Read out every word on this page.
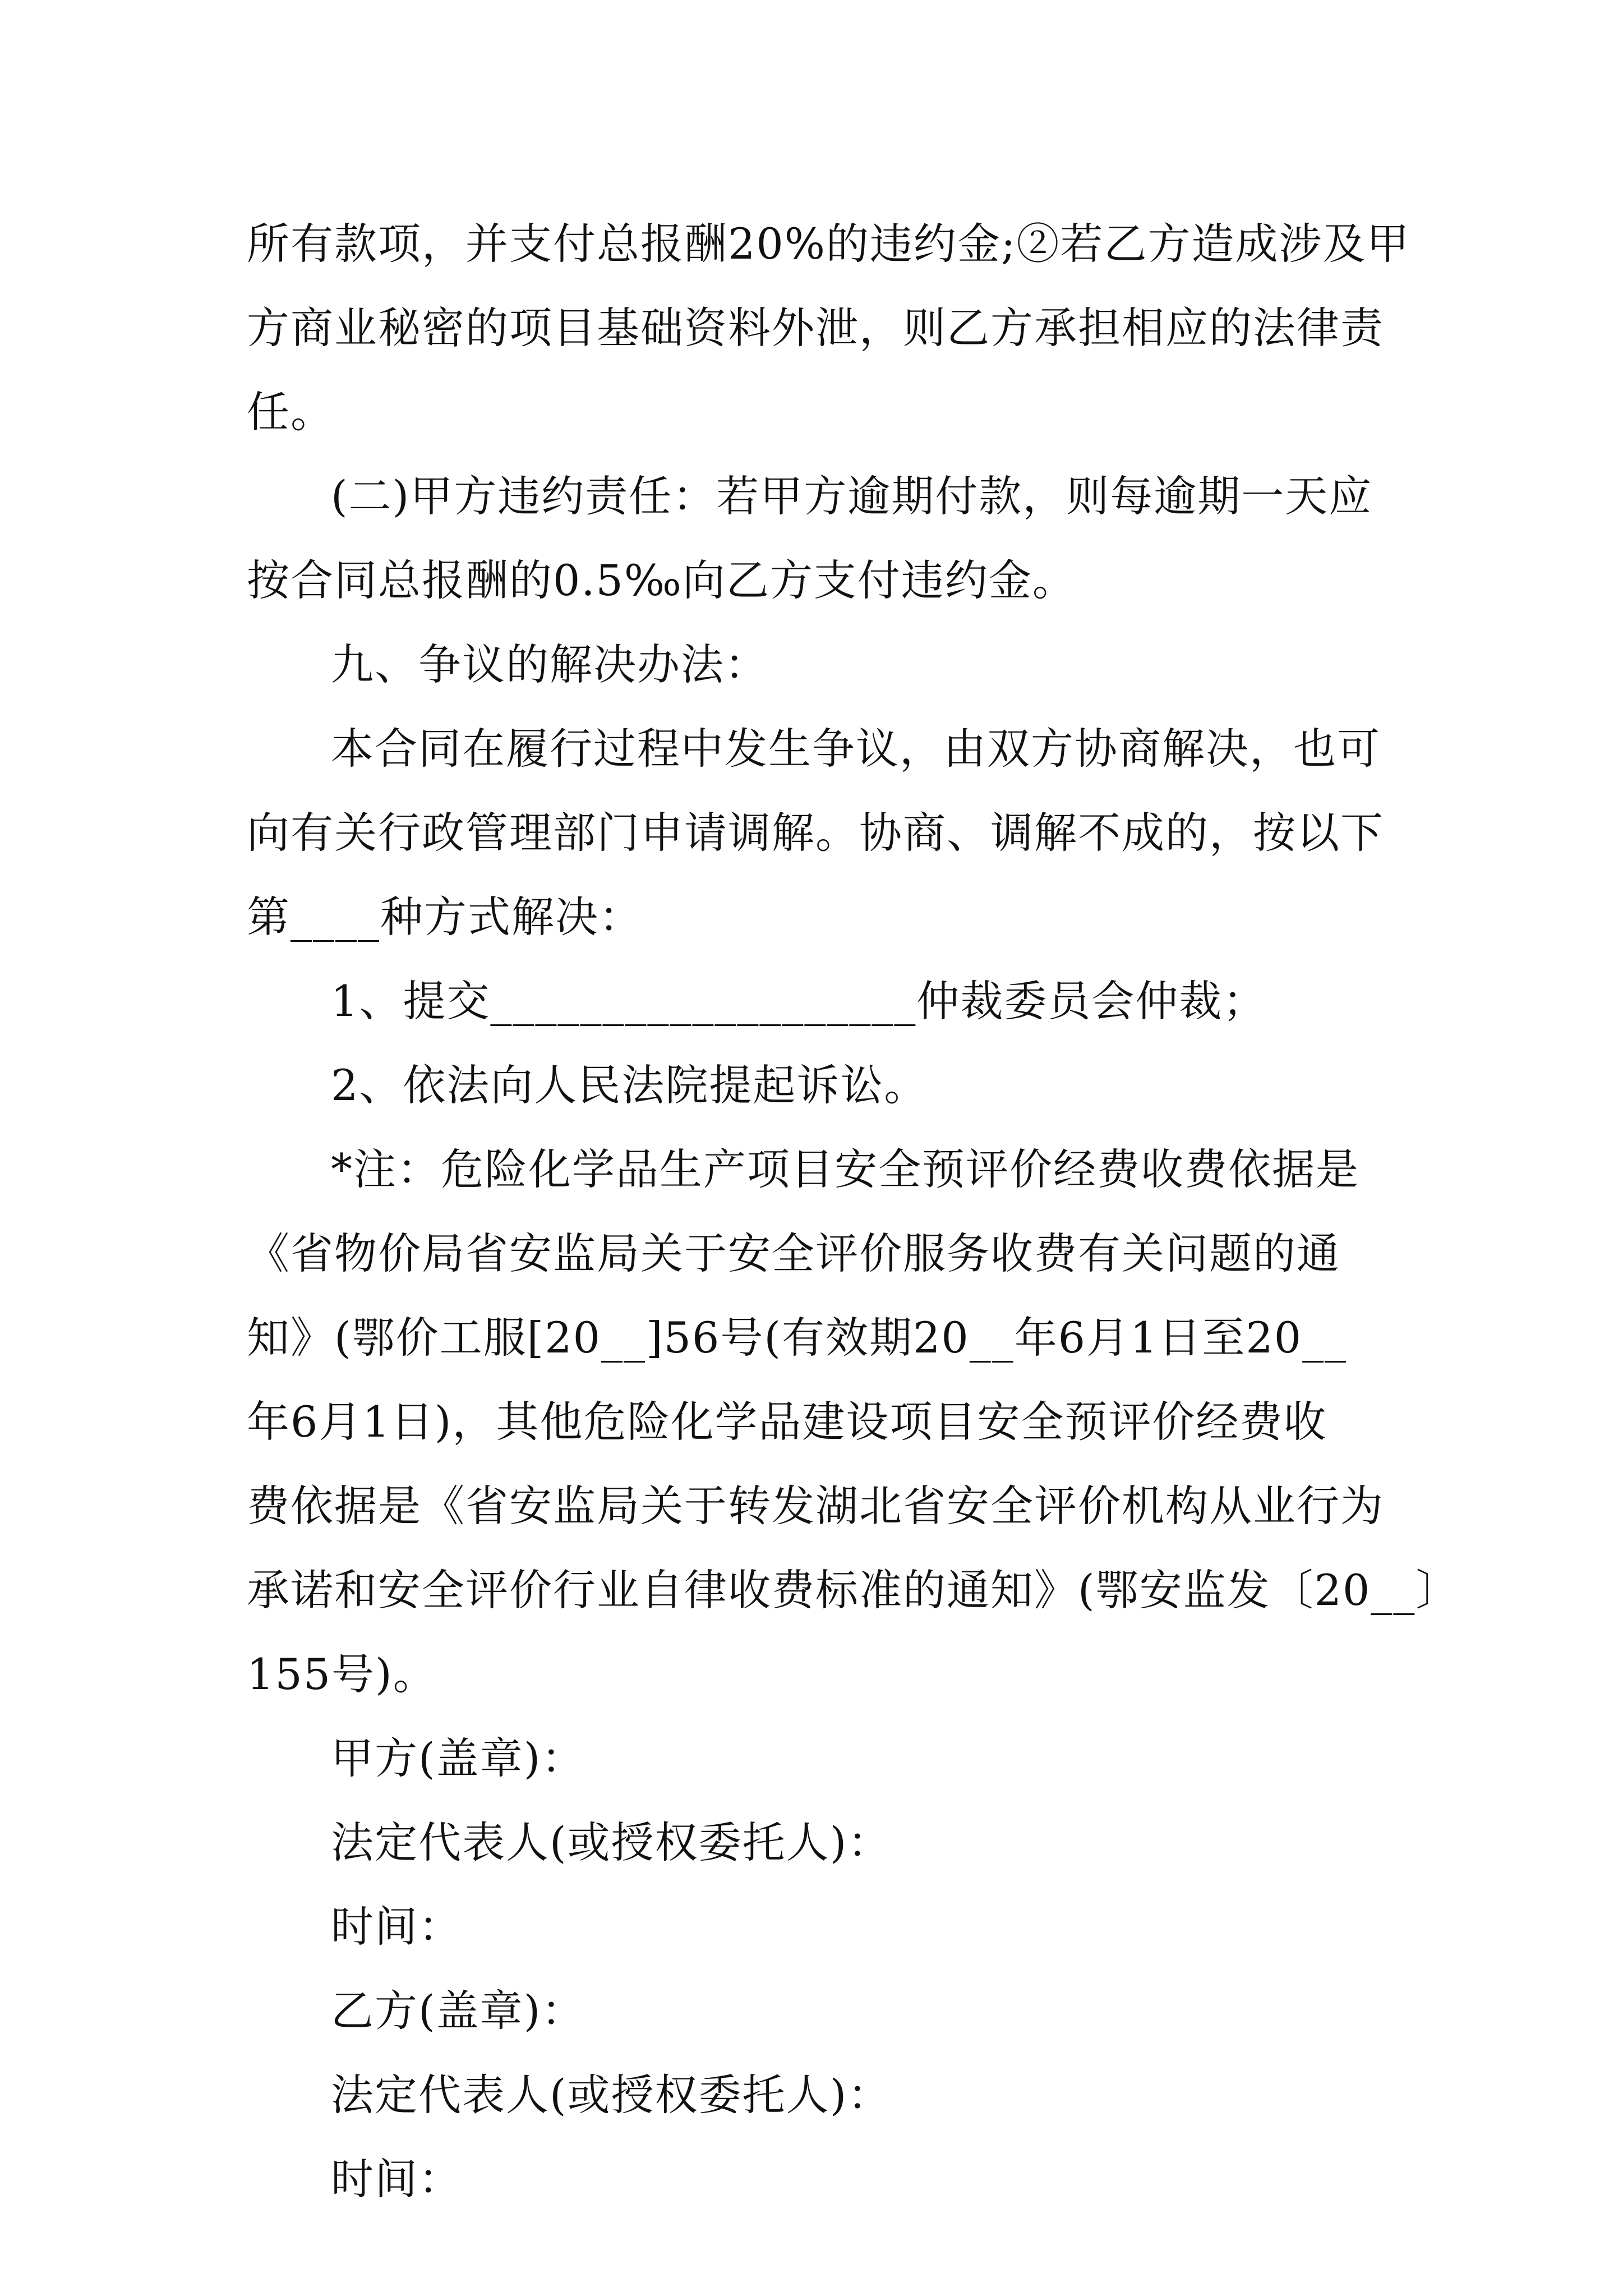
所有款项，并支付总报酬20%的违约金;②若乙方造成涉及甲
方商业秘密的项目基础资料外泄，则乙方承担相应的法律责
任。
(二)甲方违约责任：若甲方逾期付款，则每逾期一天应
按合同总报酬的0.5‰向乙方支付违约金。
九、争议的解决办法：
本合同在履行过程中发生争议，由双方协商解决，也可
向有关行政管理部门申请调解。协商、调解不成的，按以下
第____种方式解决：
1、提交___________________仲裁委员会仲裁；
2、依法向人民法院提起诉讼。
*注：危险化学品生产项目安全预评价经费收费依据是
《省物价局省安监局关于安全评价服务收费有关问题的通
知》(鄂价工服[20__]56号(有效期20__年6月1日至20__
年6月1日)，其他危险化学品建设项目安全预评价经费收
费依据是《省安监局关于转发湖北省安全评价机构从业行为
承诺和安全评价行业自律收费标准的通知》(鄂安监发〔20__〕
155号)。
甲方(盖章)：
法定代表人(或授权委托人)：
时间：
乙方(盖章)：
法定代表人(或授权委托人)：
时间：
